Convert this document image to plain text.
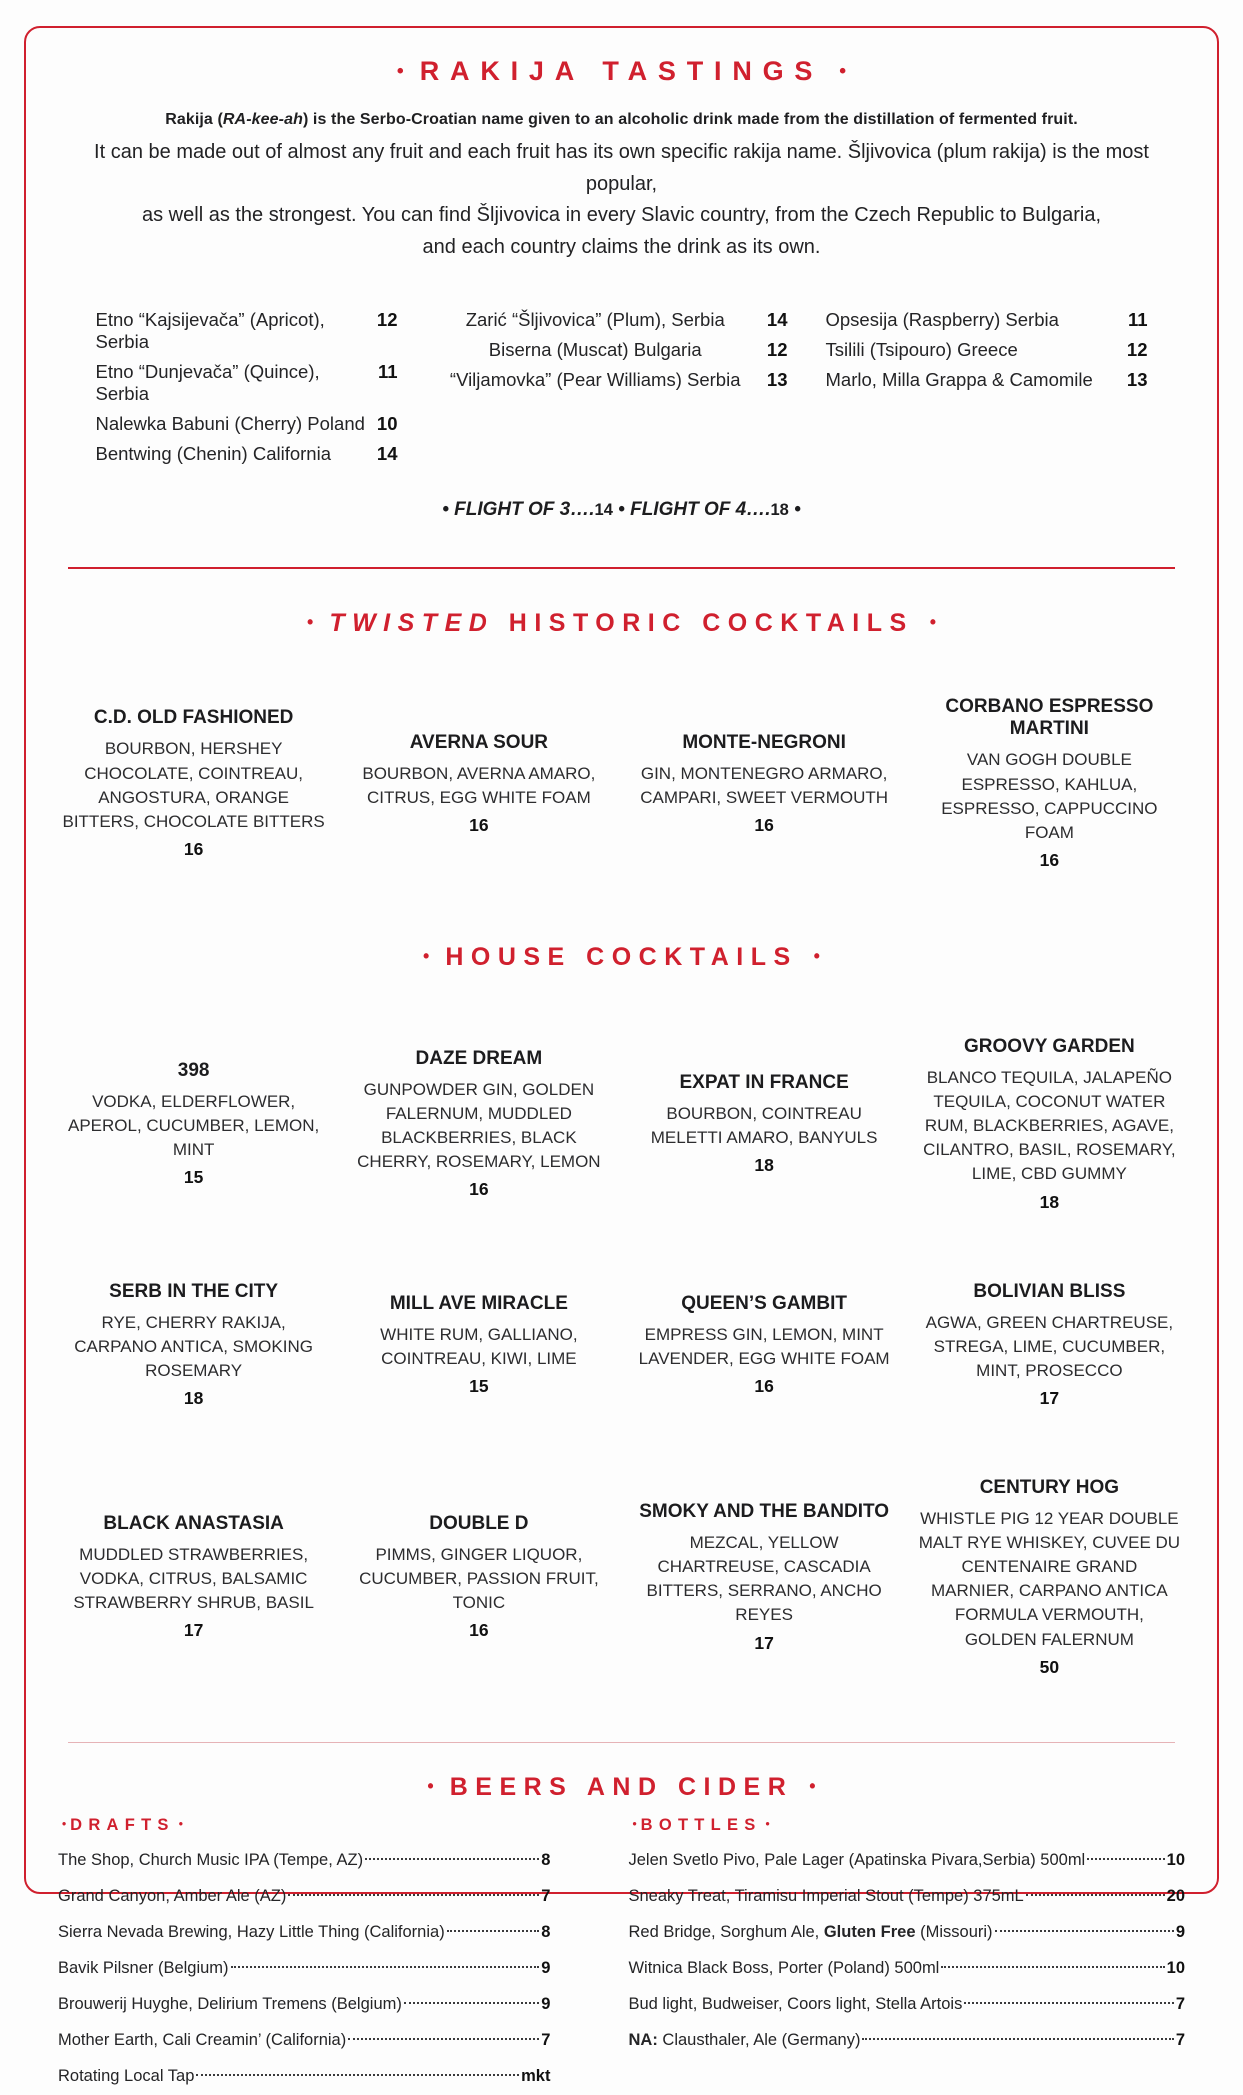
• RAKIJA TASTINGS •
Rakija (RA-kee-ah) is the Serbo-Croatian name given to an alcoholic drink made from the distillation of fermented fruit.
It can be made out of almost any fruit and each fruit has its own specific rakija name. Šljivovica (plum rakija) is the most popular,
as well as the strongest. You can find Šljivovica in every Slavic country, from the Czech Republic to Bulgaria,
and each country claims the drink as its own.
Etno “Kajsijevača” (Apricot), Serbia
12
Etno “Dunjevača” (Quince), Serbia
11
Nalewka Babuni (Cherry) Poland 10
Bentwing (Chenin) California 14
Zarić “Šljivovica” (Plum), Serbia	14
Biserna (Muscat) Bulgaria	12
“Viljamovka” (Pear Williams) Serbia	13
Opsesija (Raspberry) Serbia	11
Tsilili (Tsipouro) Greece	12
Marlo, Milla Grappa & Camomile 13
• FLIGHT OF 3….14 • FLIGHT OF 4….18 •
• TWISTED HISTORIC COCKTAILS •
C.D. OLD FASHIONED
BOURBON, HERSHEY CHOCOLATE, COINTREAU, ANGOSTURA, ORANGE BITTERS, CHOCOLATE BITTERS
16
AVERNA SOUR
BOURBON, AVERNA AMARO, CITRUS, EGG WHITE FOAM
16
MONTE-NEGRONI
GIN, MONTENEGRO ARMARO, CAMPARI, SWEET VERMOUTH
16
CORBANO ESPRESSO MARTINI
VAN GOGH DOUBLE ESPRESSO, KAHLUA, ESPRESSO, CAPPUCCINO FOAM
16
• HOUSE COCKTAILS •
398
VODKA, ELDERFLOWER, APEROL, CUCUMBER, LEMON, MINT
15
DAZE DREAM
GUNPOWDER GIN, GOLDEN FALERNUM, MUDDLED BLACKBERRIES, BLACK CHERRY, ROSEMARY, LEMON
16
EXPAT IN FRANCE
BOURBON, COINTREAU MELETTI AMARO, BANYULS
18
GROOVY GARDEN
BLANCO TEQUILA, JALAPEÑO TEQUILA, COCONUT WATER RUM, BLACKBERRIES, AGAVE, CILANTRO, BASIL, ROSEMARY, LIME, CBD GUMMY
18
SERB IN THE CITY
RYE, CHERRY RAKIJA, CARPANO ANTICA, SMOKING ROSEMARY
18
MILL AVE MIRACLE
WHITE RUM, GALLIANO, COINTREAU, KIWI, LIME
15
QUEEN’S GAMBIT
EMPRESS GIN, LEMON, MINT LAVENDER, EGG WHITE FOAM
16
BOLIVIAN BLISS
AGWA, GREEN CHARTREUSE, STREGA, LIME, CUCUMBER, MINT, PROSECCO
17
BLACK ANASTASIA
MUDDLED STRAWBERRIES, VODKA, CITRUS, BALSAMIC STRAWBERRY SHRUB, BASIL
17
DOUBLE D
PIMMS, GINGER LIQUOR, CUCUMBER, PASSION FRUIT, TONIC
16
SMOKY AND THE BANDITO
MEZCAL, YELLOW CHARTREUSE, CASCADIA BITTERS, SERRANO, ANCHO REYES
17
CENTURY HOG
WHISTLE PIG 12 YEAR DOUBLE MALT RYE WHISKEY, CUVEE DU CENTENAIRE GRAND MARNIER, CARPANO ANTICA FORMULA VERMOUTH, GOLDEN FALERNUM
50
• BEERS AND CIDER •
• DRAFTS •
The Shop, Church Music IPA (Tempe, AZ)	8
Grand Canyon, Amber Ale (AZ)	7
Sierra Nevada Brewing, Hazy Little Thing (California)	8
Bavik Pilsner (Belgium)	9
Brouwerij Huyghe, Delirium Tremens (Belgium)	9
Mother Earth, Cali Creamin’ (California)	7
Rotating Local Tap	mkt
• BOTTLES •
Jelen Svetlo Pivo, Pale Lager (Apatinska Pivara,Serbia) 500ml	10
Sneaky Treat, Tiramisu Imperial Stout (Tempe) 375mL	20
Red Bridge, Sorghum Ale, Gluten Free (Missouri)	9
Witnica Black Boss, Porter (Poland) 500ml	10
Bud light, Budweiser, Coors light, Stella Artois	7
NA: Clausthaler, Ale (Germany)	7
